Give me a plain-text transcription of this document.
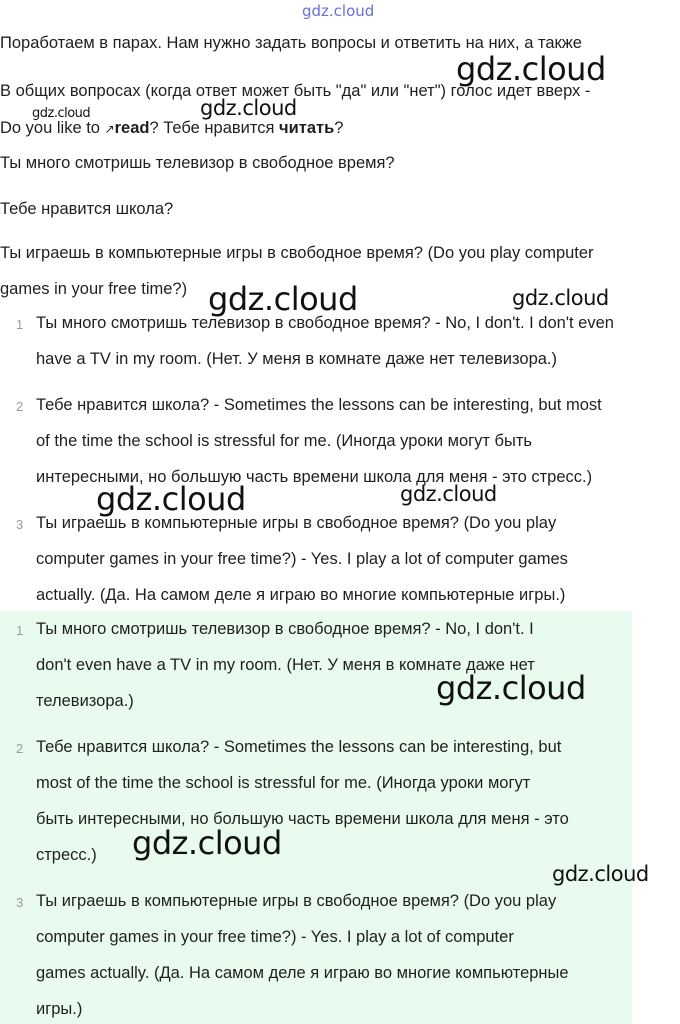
gdz.cloud
Поработаем в парах. Нам нужно задать вопросы и ответить на них, а также
В общих вопросах (когда ответ может быть "да" или "нет") голос идет вверх -
Do you like to ↗read? Тебе нравится читать?
Ты много смотришь телевизор в свободное время?
Тебе нравится школа?
Ты играешь в компьютерные игры в свободное время? (Do you play computer
games in your free time?)
1 Ты много смотришь телевизор в свободное время? - No, I don't. I don't even
have a TV in my room. (Нет. У меня в комнате даже нет телевизора.)
2 Тебе нравится школа? - Sometimes the lessons can be interesting, but most
of the time the school is stressful for me. (Иногда уроки могут быть
интересными, но большую часть времени школа для меня - это стресс.)
3 Ты играешь в компьютерные игры в свободное время? (Do you play
computer games in your free time?) - Yes. I play a lot of computer games
actually. (Да. На самом деле я играю во многие компьютерные игры.)
1 Ты много смотришь телевизор в свободное время? - No, I don't. I
don't even have a TV in my room. (Нет. У меня в комнате даже нет
телевизора.)
2 Тебе нравится школа? - Sometimes the lessons can be interesting, but
most of the time the school is stressful for me. (Иногда уроки могут
быть интересными, но большую часть времени школа для меня - это
стресс.)
3 Ты играешь в компьютерные игры в свободное время? (Do you play
computer games in your free time?) - Yes. I play a lot of computer
games actually. (Да. На самом деле я играю во многие компьютерные
игры.)
gdz.cloud
gdz.cloud	gdz.cloud
gdz.cloud	gdz.cloud
gdz.cloud	gdz.cloud
gdz.cloud
gdz.cloud
gdz.cloud
